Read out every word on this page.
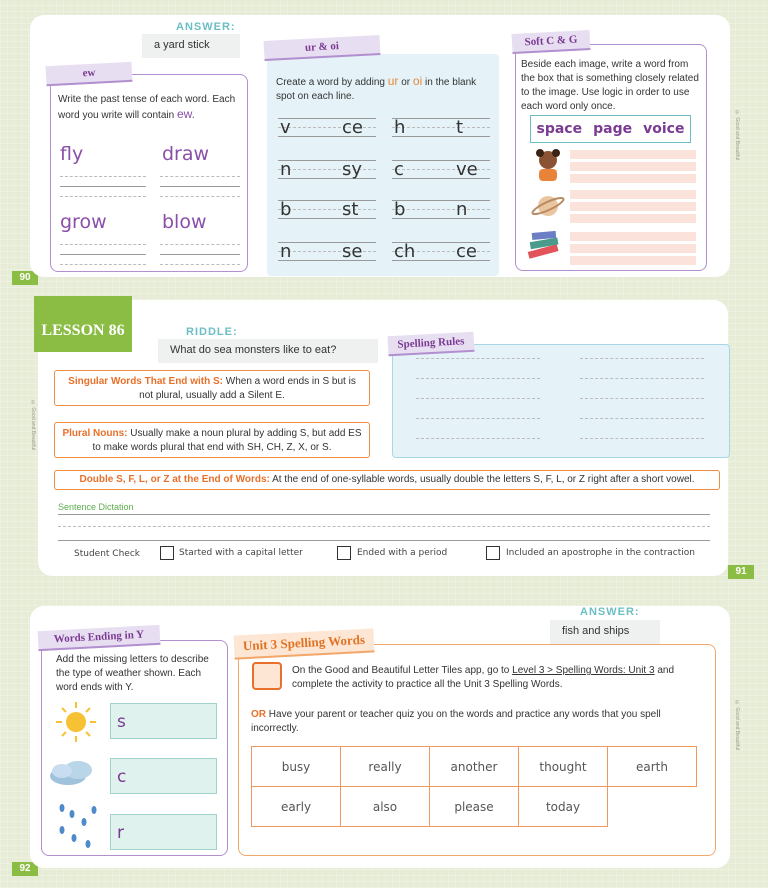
90
91
92
ANSWER:
a yard stick
ew
Write the past tense of each word. Each word you write will contain ew.
fly	draw
grow	blow
ur & oi
Create a word by adding ur or oi in the blank spot on each line.
v	ce h	t
n	sy c	ve
b	st b	n
n	se ch ce
Soft C & G
Beside each image, write a word from the box that is something closely related to the image. Use logic in order to use each word only once.
space page voice	© Good and Beautiful
LESSON 86	RIDDLE:
What do sea monsters like to eat?
Singular Words That End with S: When a word ends in S but is not plural, usually add a Silent E.
Plural Nouns: Usually make a noun plural by adding S, but add ES to make words plural that end with SH, CH, Z, X, or S.
Double S, F, L, or Z at the End of Words: At the end of one-syllable words, usually double the letters S, F, L, or Z right after a short vowel.
Spelling Rules
Sentence Dictation
Student Check	Started with a capital letter	Ended with a period	Included an apostrophe in the contraction
© Good and Beautiful
Words Ending in Y
Add the missing letters to describe the type of weather shown. Each word ends with Y.
s
c
r
Unit 3 Spelling Words
On the Good and Beautiful Letter Tiles app, go to Level 3 > Spelling Words: Unit 3 and complete the activity to practice all the Unit 3 Spelling Words.
OR Have your parent or teacher quiz you on the words and practice any words that you spell incorrectly.
busy	really	another	thought	earth
early	also	please	today
ANSWER:
fish and ships
© Good and Beautiful
